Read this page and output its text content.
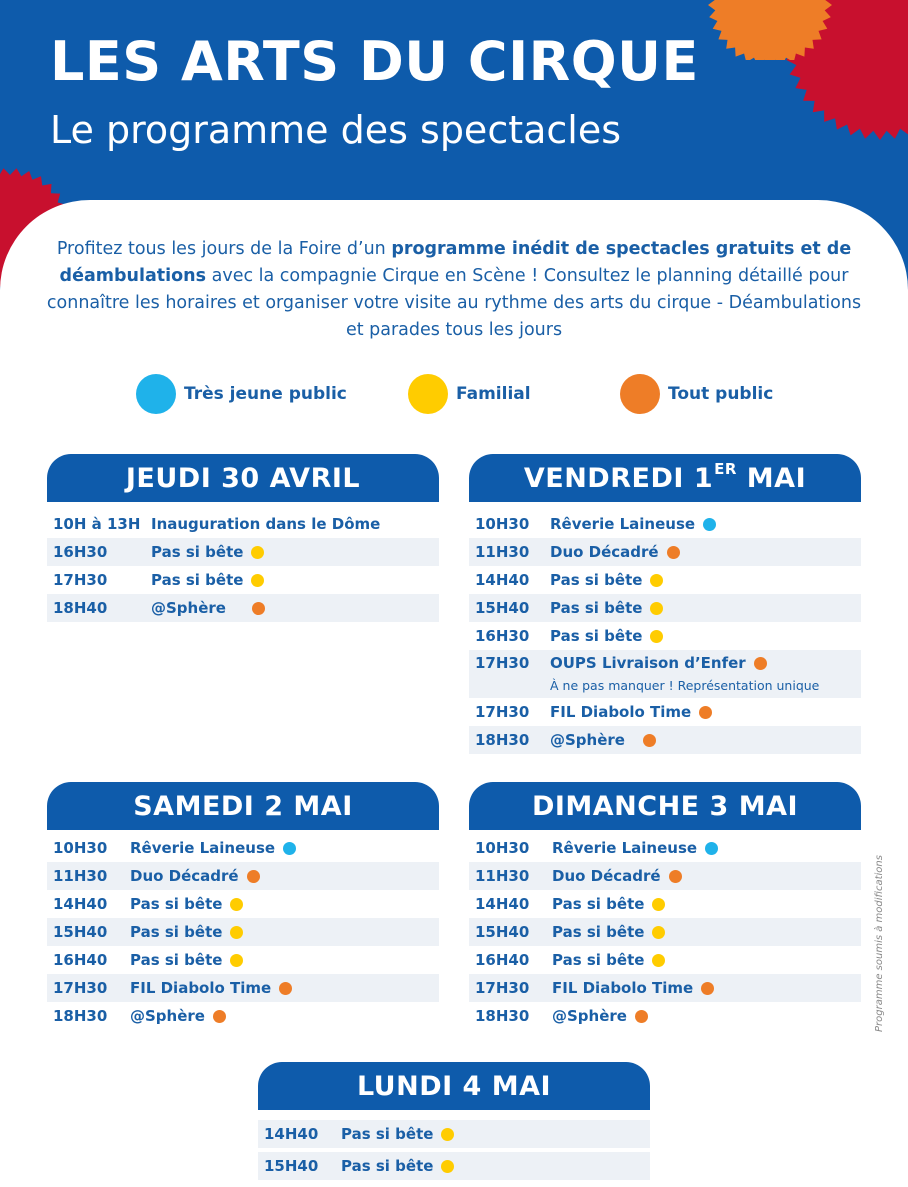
LES ARTS DU CIRQUE
Le programme des spectacles

Profitez tous les jours de la Foire d’un programme inédit de spectacles gratuits et de déambulations avec la compagnie Cirque en Scène ! Consultez le planning détaillé pour connaître les horaires et organiser votre visite au rythme des arts du cirque - Déambulations et parades tous les jours

Très jeune public	Familial	Tout public
JEUDI 30 AVRIL
10H à 13H Inauguration dans le Dôme
16H30	Pas si bête
17H30	Pas si bête
18H40	@Sphère
VENDREDI 1ER MAI
10H30	Rêverie Laineuse
11H30	Duo Décadré
14H40	Pas si bête
15H40	Pas si bête
16H30	Pas si bête
17H30	OUPS Livraison d’Enfer
À ne pas manquer ! Représentation unique
17H30	FIL Diabolo Time
18H30	@Sphère
SAMEDI 2 MAI
10H30	Rêverie Laineuse
11H30	Duo Décadré
14H40	Pas si bête
15H40	Pas si bête
16H40	Pas si bête
17H30	FIL Diabolo Time
18H30	@Sphère
DIMANCHE 3 MAI
10H30	Rêverie Laineuse
11H30	Duo Décadré
14H40	Pas si bête
15H40	Pas si bête
16H40	Pas si bête
17H30	FIL Diabolo Time
18H30	@Sphère
LUNDI 4 MAI
14H40	Pas si bête
15H40	Pas si bête
Programme soumis à modifications
